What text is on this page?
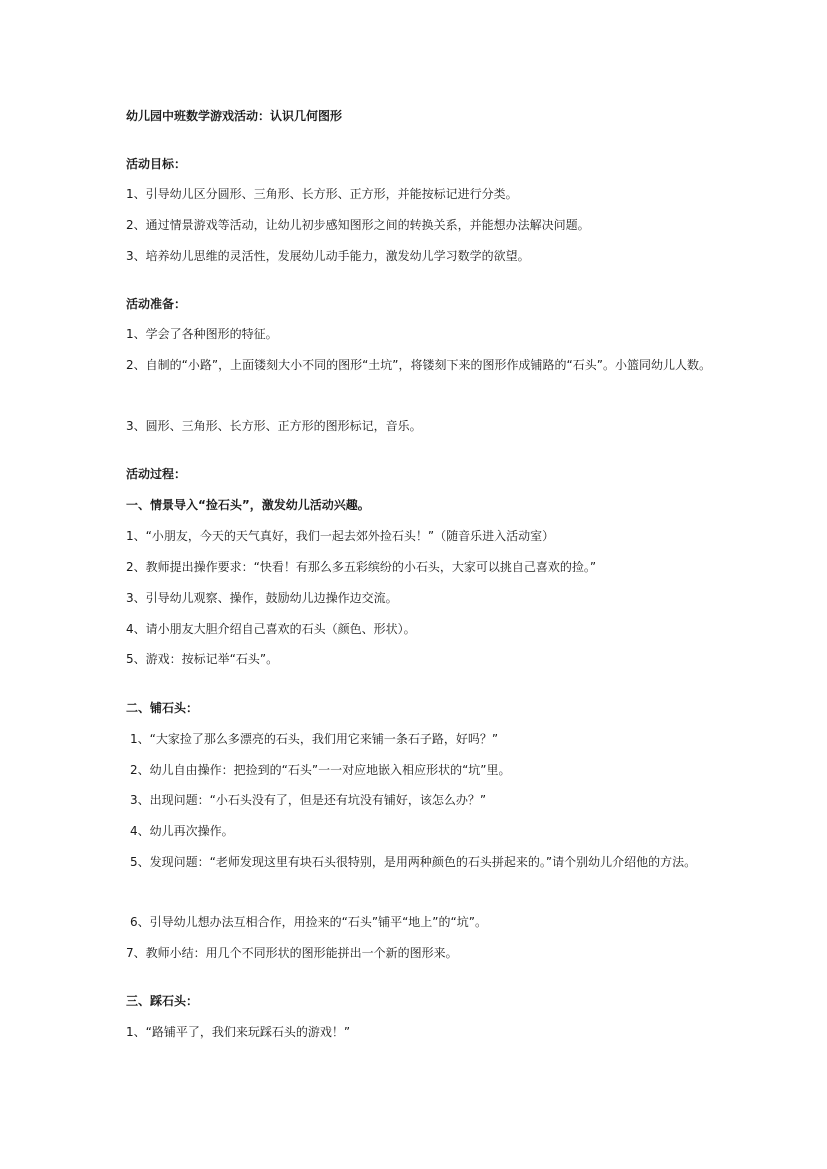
幼儿园中班数学游戏活动：认识几何图形
活动目标：
1、引导幼儿区分圆形、三角形、长方形、正方形，并能按标记进行分类。
2、通过情景游戏等活动，让幼儿初步感知图形之间的转换关系，并能想办法解决问题。
3、培养幼儿思维的灵活性，发展幼儿动手能力，激发幼儿学习数学的欲望。
活动准备：
1、学会了各种图形的特征。
2、自制的“小路”，上面镂刻大小不同的图形“土坑”，将镂刻下来的图形作成铺路的“石头”。小篮同幼儿人数。
3、圆形、三角形、长方形、正方形的图形标记，音乐。
活动过程：
一、情景导入“捡石头”，激发幼儿活动兴趣。
1、“小朋友，今天的天气真好，我们一起去郊外捡石头！”（随音乐进入活动室）
2、教师提出操作要求：“快看！有那么多五彩缤纷的小石头，大家可以挑自己喜欢的捡。”
3、引导幼儿观察、操作，鼓励幼儿边操作边交流。
4、请小朋友大胆介绍自己喜欢的石头（颜色、形状）。
5、游戏：按标记举“石头”。
二、铺石头：
1、“大家捡了那么多漂亮的石头，我们用它来铺一条石子路，好吗？”
2、幼儿自由操作：把捡到的“石头”一一对应地嵌入相应形状的“坑”里。
3、出现问题：“小石头没有了，但是还有坑没有铺好，该怎么办？”
4、幼儿再次操作。
5、发现问题：“老师发现这里有块石头很特别，是用两种颜色的石头拼起来的。”请个别幼儿介绍他的方法。
6、引导幼儿想办法互相合作，用捡来的“石头”铺平“地上”的“坑”。
7、教师小结：用几个不同形状的图形能拼出一个新的图形来。
三、踩石头：
1、“路铺平了，我们来玩踩石头的游戏！”
